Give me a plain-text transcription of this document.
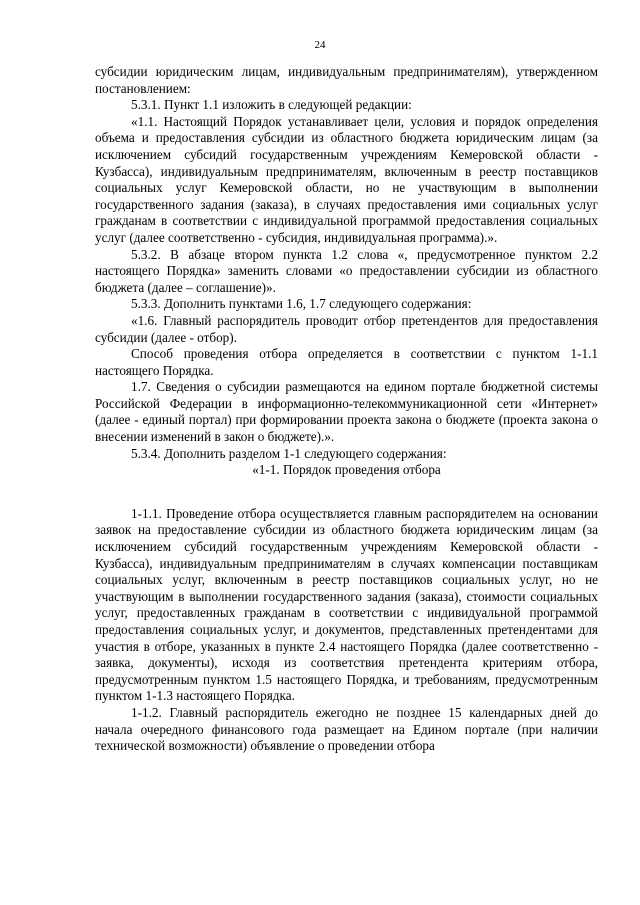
24

субсидии юридическим лицам, индивидуальным предпринимателям), утвержденном постановлением:

5.3.1. Пункт 1.1 изложить в следующей редакции:

«1.1. Настоящий Порядок устанавливает цели, условия и порядок определения объема и предоставления субсидии из областного бюджета юридическим лицам (за исключением субсидий государственным учреждениям Кемеровской области - Кузбасса), индивидуальным предпринимателям, включенным в реестр поставщиков социальных услуг Кемеровской области, но не участвующим в выполнении государственного задания (заказа), в случаях предоставления ими социальных услуг гражданам в соответствии с индивидуальной программой предоставления социальных услуг (далее соответственно - субсидия, индивидуальная программа).».

5.3.2. В абзаце втором пункта 1.2 слова «, предусмотренное пунктом 2.2 настоящего Порядка» заменить словами «о предоставлении субсидии из областного бюджета (далее – соглашение)».

5.3.3. Дополнить пунктами 1.6, 1.7 следующего содержания:

«1.6. Главный распорядитель проводит отбор претендентов для предоставления субсидии (далее - отбор).

Способ проведения отбора определяется в соответствии с пунктом 1-1.1 настоящего Порядка.

1.7. Сведения о субсидии размещаются на едином портале бюджетной системы Российской Федерации в информационно-телекоммуникационной сети «Интернет» (далее - единый портал) при формировании проекта закона о бюджете (проекта закона о внесении изменений в закон о бюджете).».

5.3.4. Дополнить разделом 1-1 следующего содержания:

«1-1. Порядок проведения отбора

1-1.1. Проведение отбора осуществляется главным распорядителем на основании заявок на предоставление субсидии из областного бюджета юридическим лицам (за исключением субсидий государственным учреждениям Кемеровской области - Кузбасса), индивидуальным предпринимателям в случаях компенсации поставщикам социальных услуг, включенным в реестр поставщиков социальных услуг, но не участвующим в выполнении государственного задания (заказа), стоимости социальных услуг, предоставленных гражданам в соответствии с индивидуальной программой предоставления социальных услуг, и документов, представленных претендентами для участия в отборе, указанных в пункте 2.4 настоящего Порядка (далее соответственно - заявка, документы), исходя из соответствия претендента критериям отбора, предусмотренным пунктом 1.5 настоящего Порядка, и требованиям, предусмотренным пунктом 1-1.3 настоящего Порядка.

1-1.2. Главный распорядитель ежегодно не позднее 15 календарных дней до начала очередного финансового года размещает на Едином портале (при наличии технической возможности) объявление о проведении отбора
